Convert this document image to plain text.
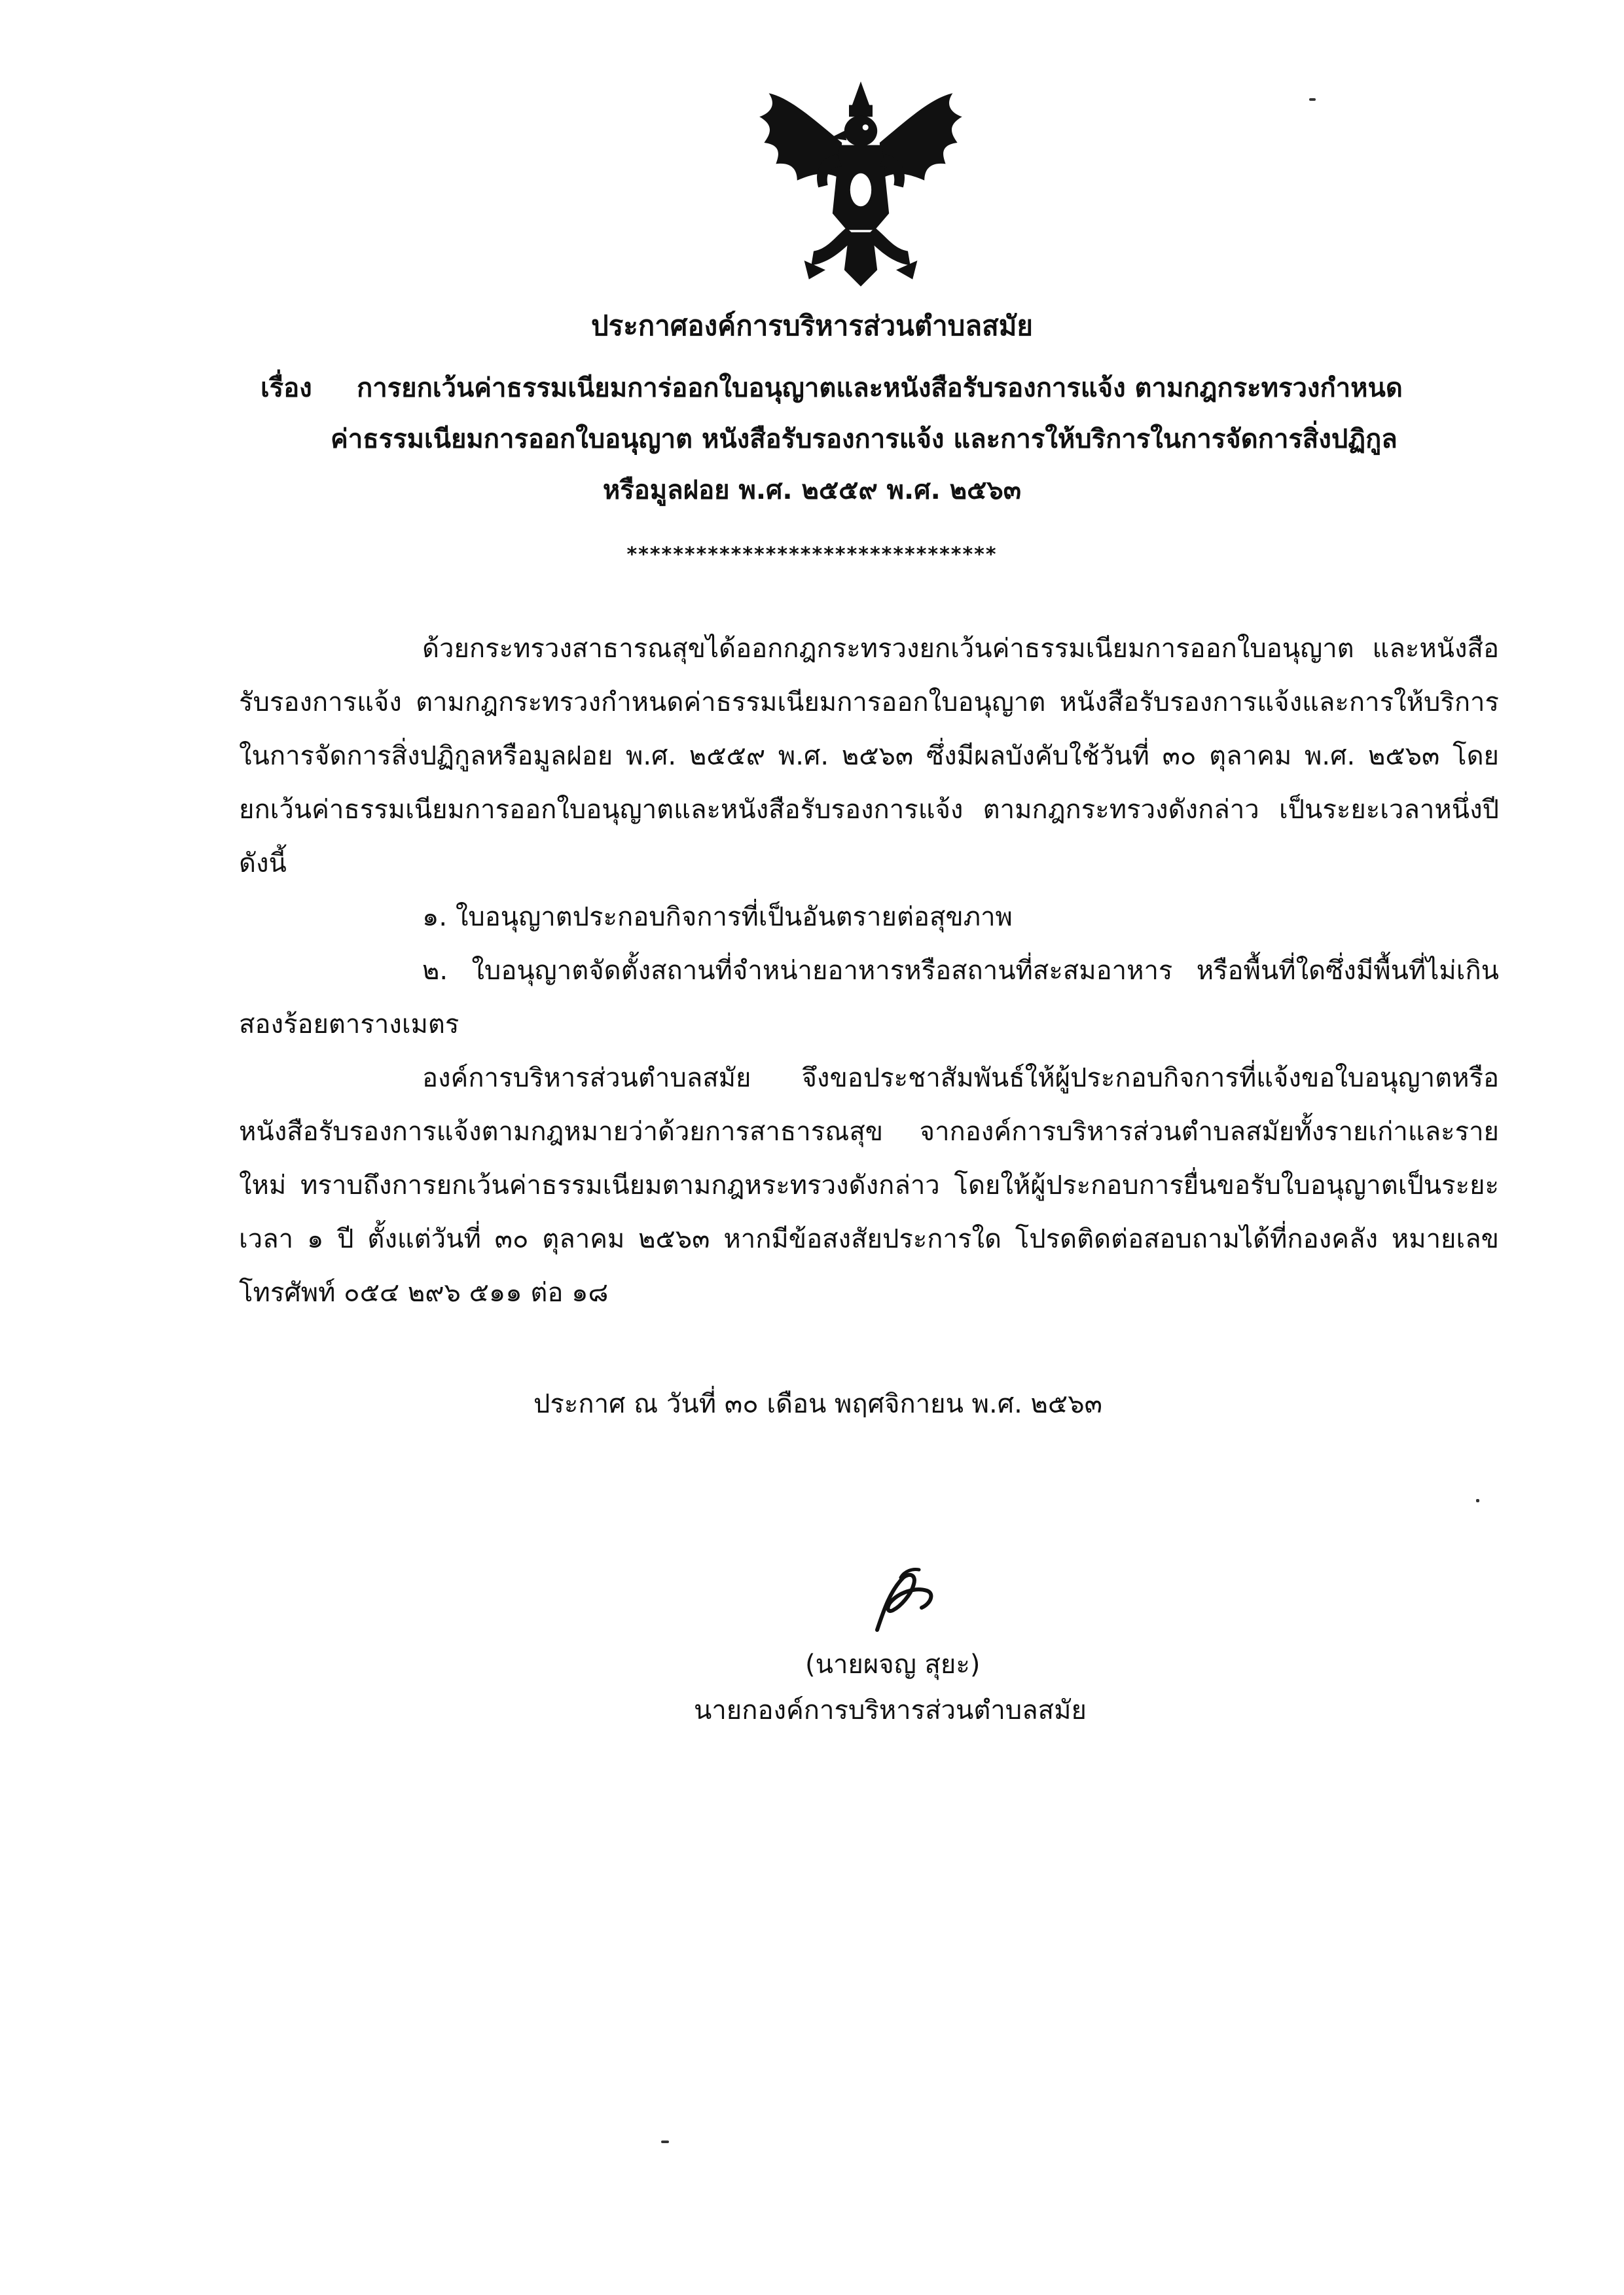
ประกาศองค์การบริหารส่วนตำบลสมัย
เรื่อง การยกเว้นค่าธรรมเนียมการ่ออกใบอนุญาตและหนังสือรับรองการแจ้ง ตามกฎกระทรวงกำหนด
ค่าธรรมเนียมการออกใบอนุญาต หนังสือรับรองการแจ้ง และการให้บริการในการจัดการสิ่งปฏิกูล
หรือมูลฝอย พ.ศ. ๒๕๕๙ พ.ศ. ๒๕๖๓
********************************

ด้วยกระทรวงสาธารณสุขได้ออกกฎกระทรวงยกเว้นค่าธรรมเนียมการออกใบอนุญาต และหนังสือรับรองการแจ้ง ตามกฎกระทรวงกำหนดค่าธรรมเนียมการออกใบอนุญาต หนังสือรับรองการแจ้งและการให้บริการในการจัดการสิ่งปฏิกูลหรือมูลฝอย พ.ศ. ๒๕๕๙ พ.ศ. ๒๕๖๓ ซึ่งมีผลบังคับใช้วันที่ ๓๐ ตุลาคม พ.ศ. ๒๕๖๓ โดยยกเว้นค่าธรรมเนียมการออกใบอนุญาตและหนังสือรับรองการแจ้ง ตามกฎกระทรวงดังกล่าว เป็นระยะเวลาหนึ่งปี ดังนี้

๑. ใบอนุญาตประกอบกิจการที่เป็นอันตรายต่อสุขภาพ

๒. ใบอนุญาตจัดตั้งสถานที่จำหน่ายอาหารหรือสถานที่สะสมอาหาร หรือพื้นที่ใดซึ่งมีพื้นที่ไม่เกินสองร้อยตารางเมตร

องค์การบริหารส่วนตำบลสมัย จึงขอประชาสัมพันธ์ให้ผู้ประกอบกิจการที่แจ้งขอใบอนุญาตหรือหนังสือรับรองการแจ้งตามกฎหมายว่าด้วยการสาธารณสุข จากองค์การบริหารส่วนตำบลสมัยทั้งรายเก่าและรายใหม่ ทราบถึงการยกเว้นค่าธรรมเนียมตามกฎหระทรวงดังกล่าว โดยให้ผู้ประกอบการยื่นขอรับใบอนุญาตเป็นระยะเวลา ๑ ปี ตั้งแต่วันที่ ๓๐ ตุลาคม ๒๕๖๓ หากมีข้อสงสัยประการใด โปรดติดต่อสอบถามได้ที่กองคลัง หมายเลขโทรศัพท์ ๐๕๔ ๒๙๖ ๕๑๑ ต่อ ๑๘

ประกาศ ณ วันที่ ๓๐ เดือน พฤศจิกายน พ.ศ. ๒๕๖๓
(นายผจญ สุยะ)
นายกองค์การบริหารส่วนตำบลสมัย
